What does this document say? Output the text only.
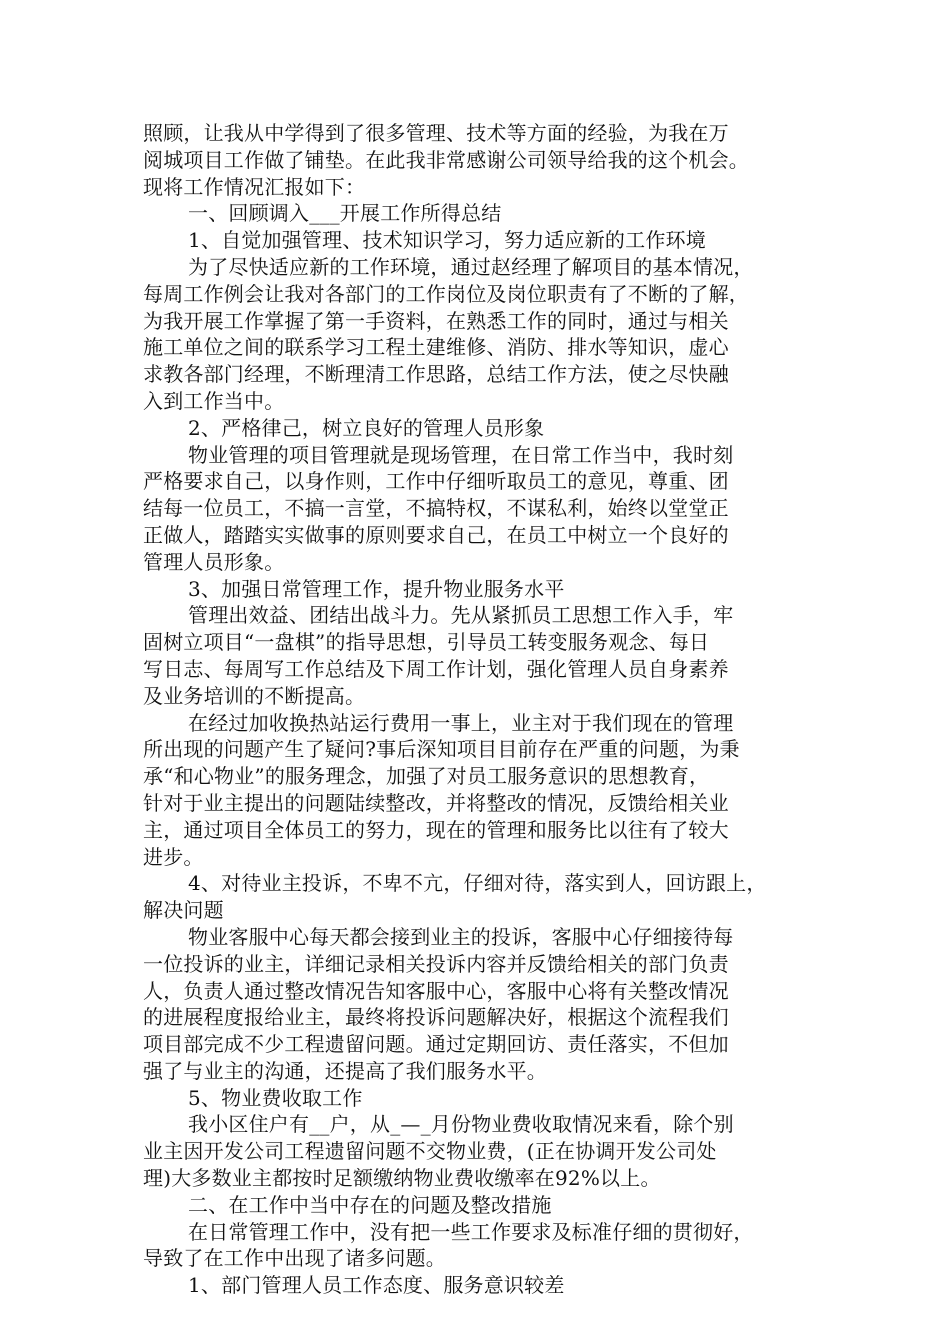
照顾，让我从中学得到了很多管理、技术等方面的经验，为我在万
阅城项目工作做了铺垫。在此我非常感谢公司领导给我的这个机会。
现将工作情况汇报如下：
一、回顾调入___开展工作所得总结
1、自觉加强管理、技术知识学习，努力适应新的工作环境
为了尽快适应新的工作环境，通过赵经理了解项目的基本情况，
每周工作例会让我对各部门的工作岗位及岗位职责有了不断的了解，
为我开展工作掌握了第一手资料，在熟悉工作的同时，通过与相关
施工单位之间的联系学习工程土建维修、消防、排水等知识，虚心
求教各部门经理，不断理清工作思路，总结工作方法，使之尽快融
入到工作当中。
2、严格律己，树立良好的管理人员形象
物业管理的项目管理就是现场管理，在日常工作当中，我时刻
严格要求自己，以身作则，工作中仔细听取员工的意见，尊重、团
结每一位员工，不搞一言堂，不搞特权，不谋私利，始终以堂堂正
正做人，踏踏实实做事的原则要求自己，在员工中树立一个良好的
管理人员形象。
3、加强日常管理工作，提升物业服务水平
管理出效益、团结出战斗力。先从紧抓员工思想工作入手，牢
固树立项目“一盘棋”的指导思想，引导员工转变服务观念、每日
写日志、每周写工作总结及下周工作计划，强化管理人员自身素养
及业务培训的不断提高。
在经过加收换热站运行费用一事上，业主对于我们现在的管理
所出现的问题产生了疑问?事后深知项目目前存在严重的问题，为秉
承“和心物业”的服务理念，加强了对员工服务意识的思想教育，
针对于业主提出的问题陆续整改，并将整改的情况，反馈给相关业
主，通过项目全体员工的努力，现在的管理和服务比以往有了较大
进步。
4、对待业主投诉，不卑不亢，仔细对待，落实到人，回访跟上，
解决问题
物业客服中心每天都会接到业主的投诉，客服中心仔细接待每
一位投诉的业主，详细记录相关投诉内容并反馈给相关的部门负责
人，负责人通过整改情况告知客服中心，客服中心将有关整改情况
的进展程度报给业主，最终将投诉问题解决好，根据这个流程我们
项目部完成不少工程遗留问题。通过定期回访、责任落实，不但加
强了与业主的沟通，还提高了我们服务水平。
5、物业费收取工作
我小区住户有__户，从_—_月份物业费收取情况来看，除个别
业主因开发公司工程遗留问题不交物业费，(正在协调开发公司处
理)大多数业主都按时足额缴纳物业费收缴率在92%以上。
二、在工作中当中存在的问题及整改措施
在日常管理工作中，没有把一些工作要求及标准仔细的贯彻好，
导致了在工作中出现了诸多问题。
1、部门管理人员工作态度、服务意识较差
